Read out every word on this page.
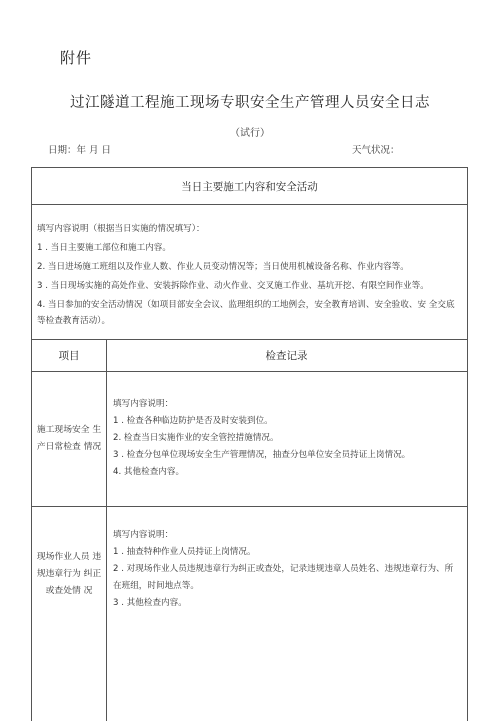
附件
过江隧道工程施工现场专职安全生产管理人员安全日志
（试行）
日期：年 月 日	天气状况：
当日主要施工内容和安全活动

填写内容说明（根据当日实施的情况填写）：

1 . 当日主要施工部位和施工内容。

2. 当日进场施工班组以及作业人数、作业人员变动情况等；当日使用机械设备名称、作业内容等。

3 . 当日现场实施的高处作业、安装拆除作业、动火作业、交叉施工作业、基坑开挖、有限空间作业等。

4. 当日参加的安全活动情况（如项目部安全会议、监理组织的工地例会，安全教育培训、安全验收、安 全交底等检查教育活动）。

项目	检查记录
施工现场安全 生产日常检查 情况

填写内容说明：

1 . 检查各种临边防护是否及时安装到位。

2. 检查当日实施作业的安全管控措施情况。

3 . 检查分包单位现场安全生产管理情况，抽查分包单位安全员持证上岗情况。

4. 其他检查内容。

现场作业人员 违规违章行为 纠正或查处情 况

填写内容说明：

1 . 抽查特种作业人员持证上岗情况。

2 . 对现场作业人员违规违章行为纠正或查处，记录违规违章人员姓名、违规违章行为、所在班组，时间地点等。

3 . 其他检查内容。
